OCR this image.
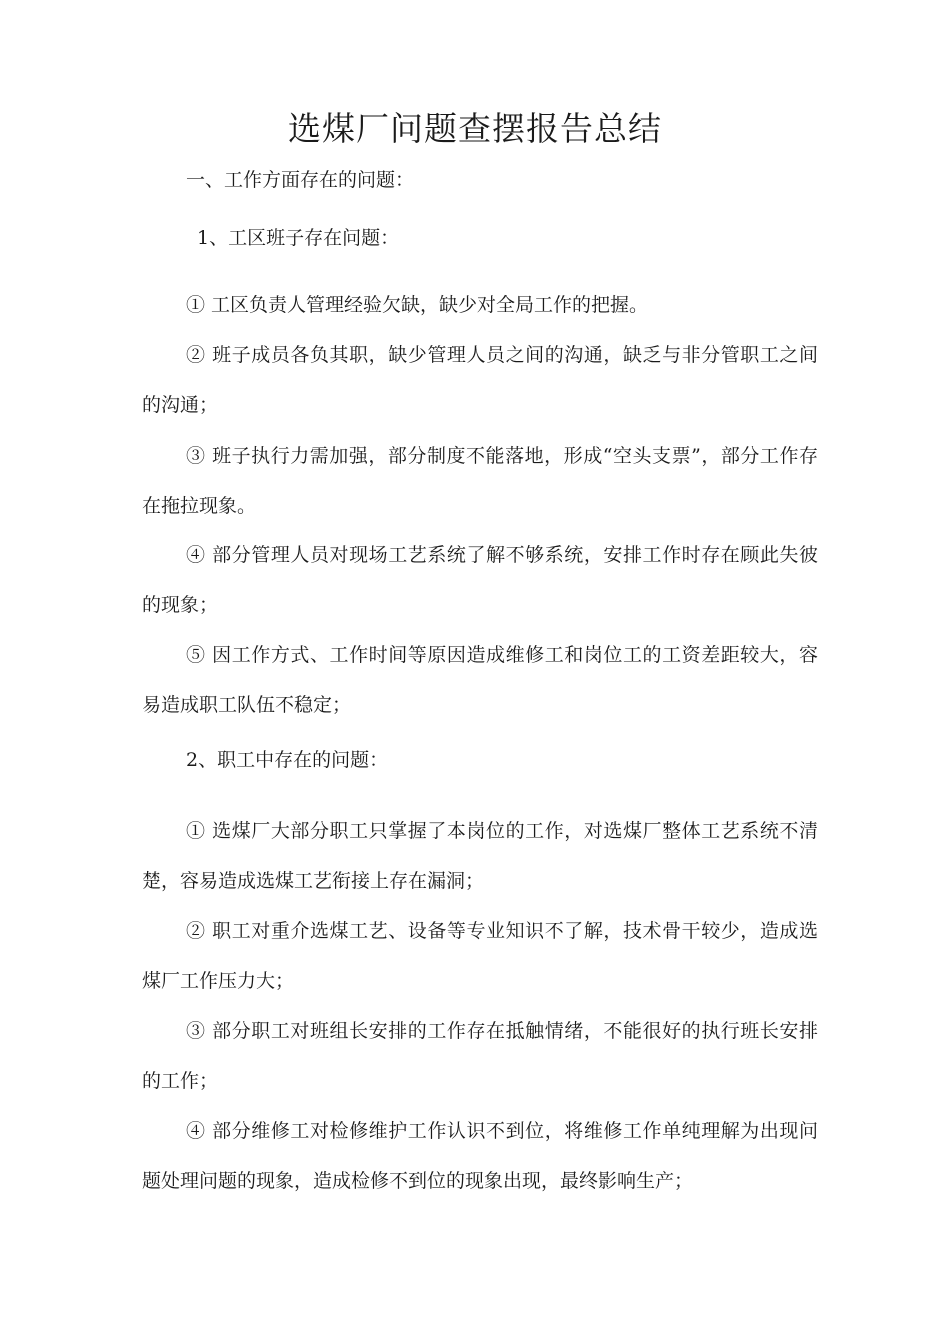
选煤厂问题查摆报告总结

一、工作方面存在的问题：

1、工区班子存在问题：

① 工区负责人管理经验欠缺，缺少对全局工作的把握。

② 班子成员各负其职，缺少管理人员之间的沟通，缺乏与非分管职工之间的沟通；

③ 班子执行力需加强，部分制度不能落地，形成“空头支票”，部分工作存在拖拉现象。

④ 部分管理人员对现场工艺系统了解不够系统，安排工作时存在顾此失彼的现象；

⑤ 因工作方式、工作时间等原因造成维修工和岗位工的工资差距较大，容易造成职工队伍不稳定；

2、职工中存在的问题：

① 选煤厂大部分职工只掌握了本岗位的工作，对选煤厂整体工艺系统不清楚，容易造成选煤工艺衔接上存在漏洞；

② 职工对重介选煤工艺、设备等专业知识不了解，技术骨干较少，造成选煤厂工作压力大；

③ 部分职工对班组长安排的工作存在抵触情绪，不能很好的执行班长安排的工作；

④ 部分维修工对检修维护工作认识不到位，将维修工作单纯理解为出现问题处理问题的现象，造成检修不到位的现象出现，最终影响生产；
